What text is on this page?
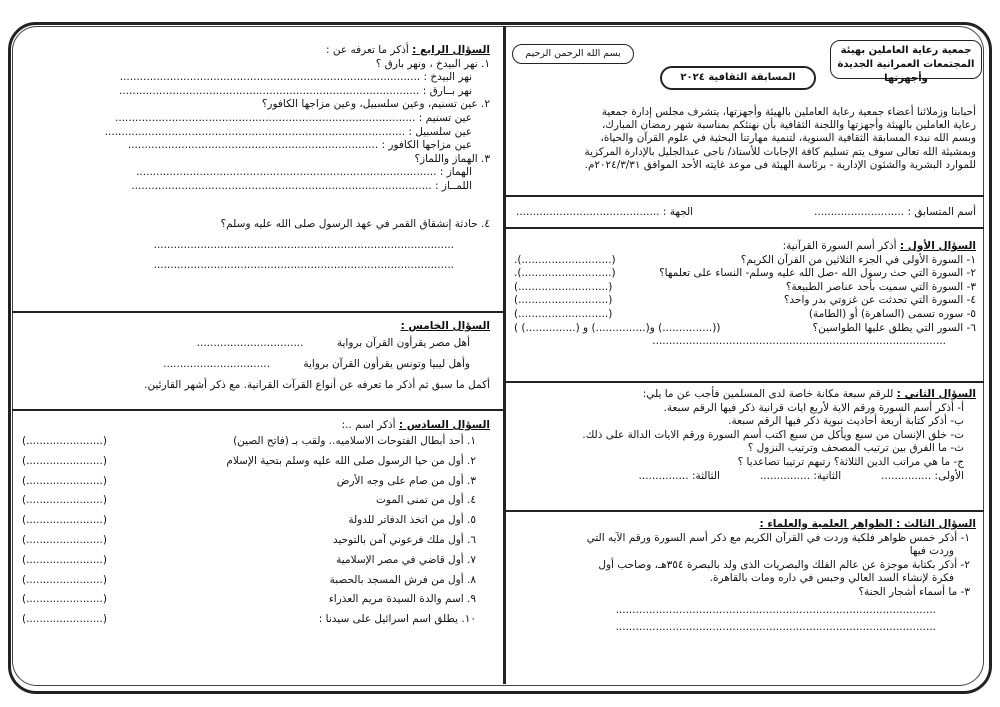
جمعية رعاية العاملين بهيئة
المجتمعات العمرانية الجديدة وأجهزتها
بسم الله الرحمن الرحيم
المسابقة الثقافية ٢٠٢٤

أحبابنا وزملائنا أعضاء جمعية رعاية العاملين بالهيئة وأجهزتها، يتشرف مجلس إدارة جمعية

رعاية العاملين بالهيئة وأجهزتها واللجنة الثقافية بأن نهنئكم بمناسبة شهر رمضان المبارك،

وبسم الله نبدء المسابقة الثقافية السنوية، لتنمية مهارتنا البحثية في علوم القرآن والحياة،

وبمشيئة الله تعالى سوف يتم تسليم كافة الإجابات للأستاذ/ ناجى عبدالجليل بالإدارة المركزية

للموارد البشرية والشئون الإدارية - برئاسة الهيئة فى موعد غايته الأحد الموافق ٢٠٢٤/٣/٣١م.

أسم المتسابق : ...........................
الجهة : ...........................................

السؤال الأول : أذكر أسم السورة القرآنية:

١- السورة الأولى في الجزء الثلاثين من القرآن الكريم؟
(...........................).
٢- السورة التي حث رسول الله -صل الله عليه وسلم- النساء على تعلمها؟
(...........................).
٣- السورة التي سميت بأحد عناصر الطبيعة؟
(...........................)
٤- السورة التي تحدثت عن غزوتي بدر واحد؟
(...........................)
٥- سوره تسمى (الساهرة) أو (الطامة)
(...........................)
٦- السور التي يطلق عليها الطواسين؟
((...............) و(...............) و (...............) )

........................................................................................

السؤال الثاني : للرقم سبعة مكانة خاصة لدى المسلمين فأجب عن ما يلي:

أ- أذكر أسم السورة ورقم الاية لأربع ايات قرانية ذكر فيها الرقم سبعة.

ب- أذكر كتابة أربعة أحاديث نبوية ذكر فيها الرقم سبعة.

ت- خلق الإنسان من سبع ويأكل من سبع اكتب أسم السورة ورقم الايات الدالة على ذلك.

ث- ما الفرق بين ترتيب المصحف وترتيب النزول ؟

ج- ما هي مراتب الدين الثلاثة؟ رتبهم ترتيبا تصاعديا ؟

الأولى: ...............
الثانية: ...............
الثالثة: ...............

السؤال الثالث : الظواهر العلمية والعلماء :

١- أذكر خمس ظواهر فلكية وردت في القرآن الكريم مع ذكر أسم السورة ورقم الآيه التي

وردت فيها

٢- أذكر بكتابة موجزة عن عالم الفلك والبصريات الذى ولد بالبصرة ٣٥٤هـ، وصاحب أول

فكرة لإنشاء السد العالي وحبس في داره ومات بالقاهرة.

٣- ما أسماء أشجار الجنة؟

................................................................................................

................................................................................................

السؤال الرابع : أذكر ما تعرفه عن :

١. نهر البيدخ ، ونهر بارق ؟

نهر البيدخ : ..........................................................................................

نهر بــارق : ..........................................................................................

٢. عين تسنيم، وعين سلسبيل، وعين مزاجها الكافور؟

عين تسنيم : ..........................................................................................

عين سلسبيل : ..........................................................................................

عين مزاجها الكافور : ...........................................................................

٣. الهماز واللماز؟

الهماز : ..........................................................................................

اللمــاز : ..........................................................................................

٤. حادثة إنشقاق القمر في عهد الرسول صلى الله عليه وسلم؟

..........................................................................................

..........................................................................................

السؤال الخامس :

أهل مصر يقرأون القرآن برواية          ................................

وأهل ليبيا وتونس يقرأون القرآن برواية          ................................

أكمل ما سبق ثم أذكر ما تعرفه عن أنواع القرآت القرانية. مع ذكر أشهر القارئين.

السؤال السادس : أذكر اسم ..:

١. أحد أبطال الفتوحات الاسلاميه.. ولقب بـ (فاتح الصين)
(.......................)
٢. أول من حيا الرسول صلى الله عليه وسلم بتحية الإسلام
(.......................)
٣. أول من صام على وجه الأرض
(.......................)
٤. أول من تمنى الموت
(.......................)
٥. أول من اتخذ الدفاتر للدولة
(.......................)
٦. أول ملك فرعوني آمن بالتوحيد
(.......................)
٧. أول قاضي في مصر الإسلامية
(.......................)
٨. أول من فرش المسجد بالحصبة
(.......................)
٩. اسم والدة السيدة مريم العذراء
(.......................)
١٠. يطلق اسم اسرائيل على سيدنا :
(.......................)
